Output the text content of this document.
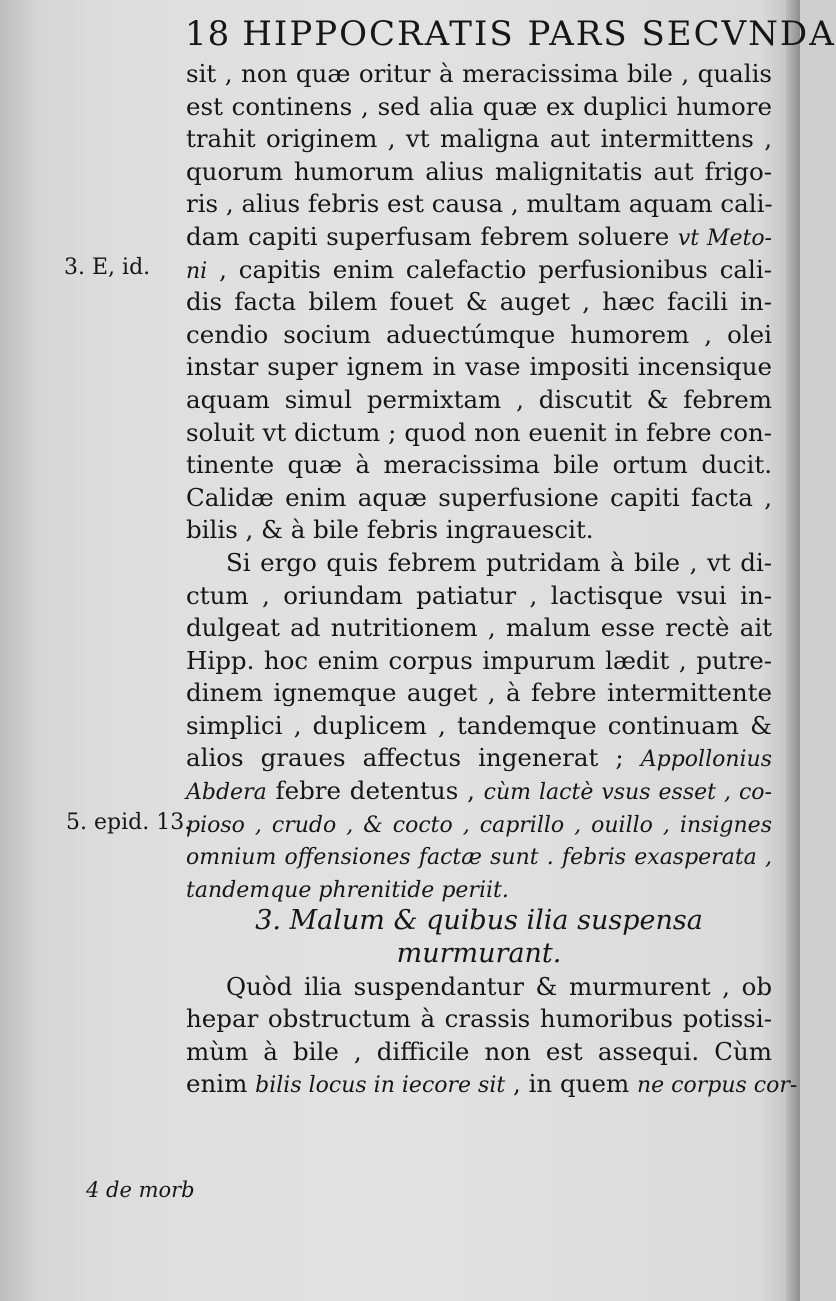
18 HIPPOCRATIS PARS SECVNDA
3. E, id.
5. epid. 13.
4 de morb
sit , non quæ oritur à meracissima bile , qualis
est continens , sed alia quæ ex duplici humore
trahit originem , vt maligna aut intermittens ,
quorum humorum alius malignitatis aut frigo-
ris , alius febris est causa , multam aquam cali-
dam capiti superfusam febrem soluere vt Meto-
ni , capitis enim calefactio perfusionibus cali-
dis facta bilem fouet & auget , hæc facili in-
cendio socium aduectúmque humorem , olei
instar super ignem in vase impositi incensique
aquam simul permixtam , discutit & febrem
soluit vt dictum ; quod non euenit in febre con-
tinente quæ à meracissima bile ortum ducit.
Calidæ enim aquæ superfusione capiti facta ,
bilis , & à bile febris ingrauescit.
Si ergo quis febrem putridam à bile , vt di-
ctum , oriundam patiatur , lactisque vsui in-
dulgeat ad nutritionem , malum esse rectè ait
Hipp. hoc enim corpus impurum lædit , putre-
dinem ignemque auget , à febre intermittente
simplici , duplicem , tandemque continuam &
alios graues affectus ingenerat ; Appollonius
Abdera febre detentus , cùm lactè vsus esset , co-
pioso , crudo , & cocto , caprillo , ouillo , insignes
omnium offensiones factæ sunt . febris exasperata ,
tandemque phrenitide periit.
3. Malum & quibus ilia suspensa
murmurant.
Quòd ilia suspendantur & murmurent , ob
hepar obstructum à crassis humoribus potissi-
mùm à bile , difficile non est assequi. Cùm
enim bilis locus in iecore sit , in quem ne corpus cor-
